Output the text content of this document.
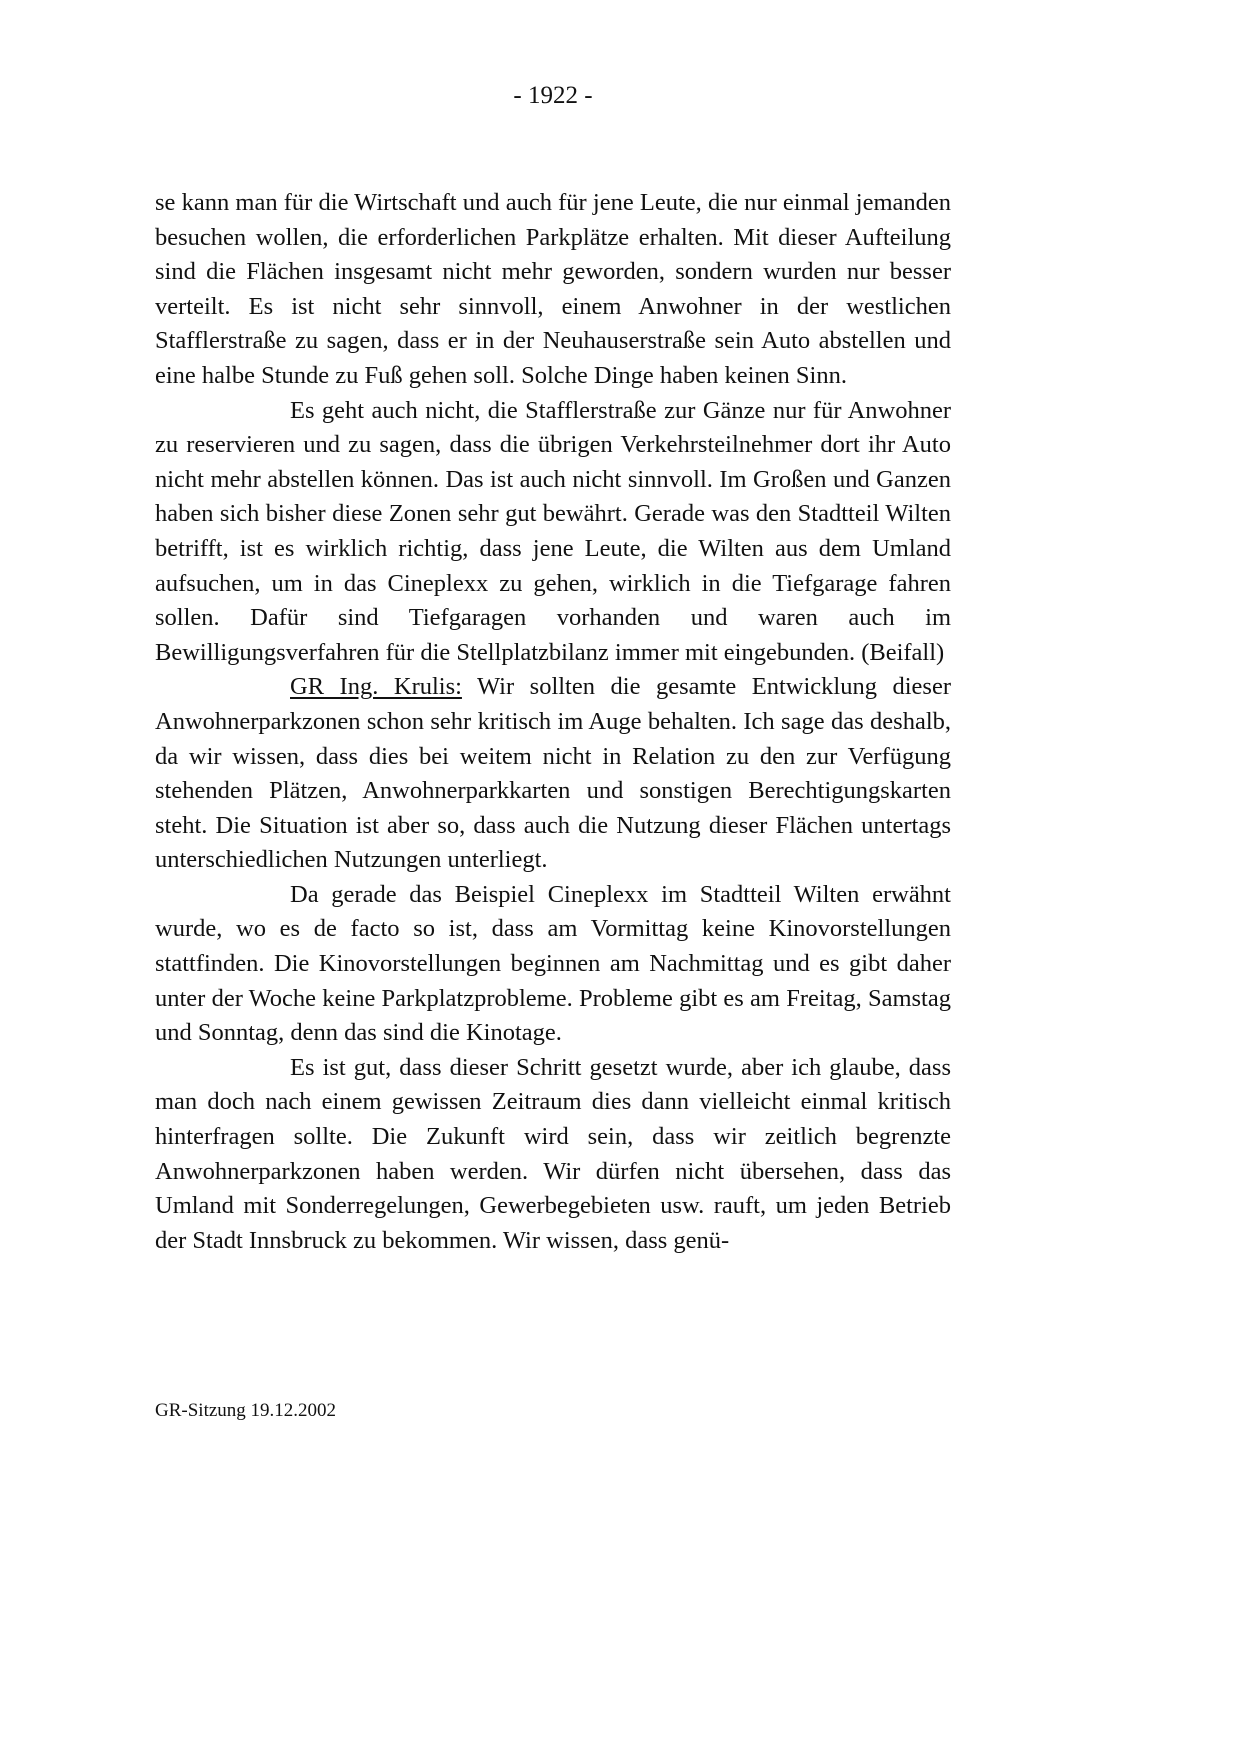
- 1922 -

se kann man für die Wirtschaft und auch für jene Leute, die nur einmal jemanden besuchen wollen, die erforderlichen Parkplätze erhalten. Mit dieser Aufteilung sind die Flächen insgesamt nicht mehr geworden, sondern wurden nur besser verteilt. Es ist nicht sehr sinnvoll, einem Anwohner in der westlichen Stafflerstraße zu sagen, dass er in der Neuhauserstraße sein Auto abstellen und eine halbe Stunde zu Fuß gehen soll. Solche Dinge haben keinen Sinn.

Es geht auch nicht, die Stafflerstraße zur Gänze nur für Anwohner zu reservieren und zu sagen, dass die übrigen Verkehrsteilnehmer dort ihr Auto nicht mehr abstellen können. Das ist auch nicht sinnvoll. Im Großen und Ganzen haben sich bisher diese Zonen sehr gut bewährt. Gerade was den Stadtteil Wilten betrifft, ist es wirklich richtig, dass jene Leute, die Wilten aus dem Umland aufsuchen, um in das Cineplexx zu gehen, wirklich in die Tiefgarage fahren sollen. Dafür sind Tiefgaragen vorhanden und waren auch im Bewilligungsverfahren für die Stellplatzbilanz immer mit eingebunden. (Beifall)

GR Ing. Krulis: Wir sollten die gesamte Entwicklung dieser Anwohnerparkzonen schon sehr kritisch im Auge behalten. Ich sage das deshalb, da wir wissen, dass dies bei weitem nicht in Relation zu den zur Verfügung stehenden Plätzen, Anwohnerparkkarten und sonstigen Berechtigungskarten steht. Die Situation ist aber so, dass auch die Nutzung dieser Flächen untertags unterschiedlichen Nutzungen unterliegt.

Da gerade das Beispiel Cineplexx im Stadtteil Wilten erwähnt wurde, wo es de facto so ist, dass am Vormittag keine Kinovorstellungen stattfinden. Die Kinovorstellungen beginnen am Nachmittag und es gibt daher unter der Woche keine Parkplatzprobleme. Probleme gibt es am Freitag, Samstag und Sonntag, denn das sind die Kinotage.

Es ist gut, dass dieser Schritt gesetzt wurde, aber ich glaube, dass man doch nach einem gewissen Zeitraum dies dann vielleicht einmal kritisch hinterfragen sollte. Die Zukunft wird sein, dass wir zeitlich begrenzte Anwohnerparkzonen haben werden. Wir dürfen nicht übersehen, dass das Umland mit Sonderregelungen, Gewerbegebieten usw. rauft, um jeden Betrieb der Stadt Innsbruck zu bekommen. Wir wissen, dass genü-

GR-Sitzung 19.12.2002
